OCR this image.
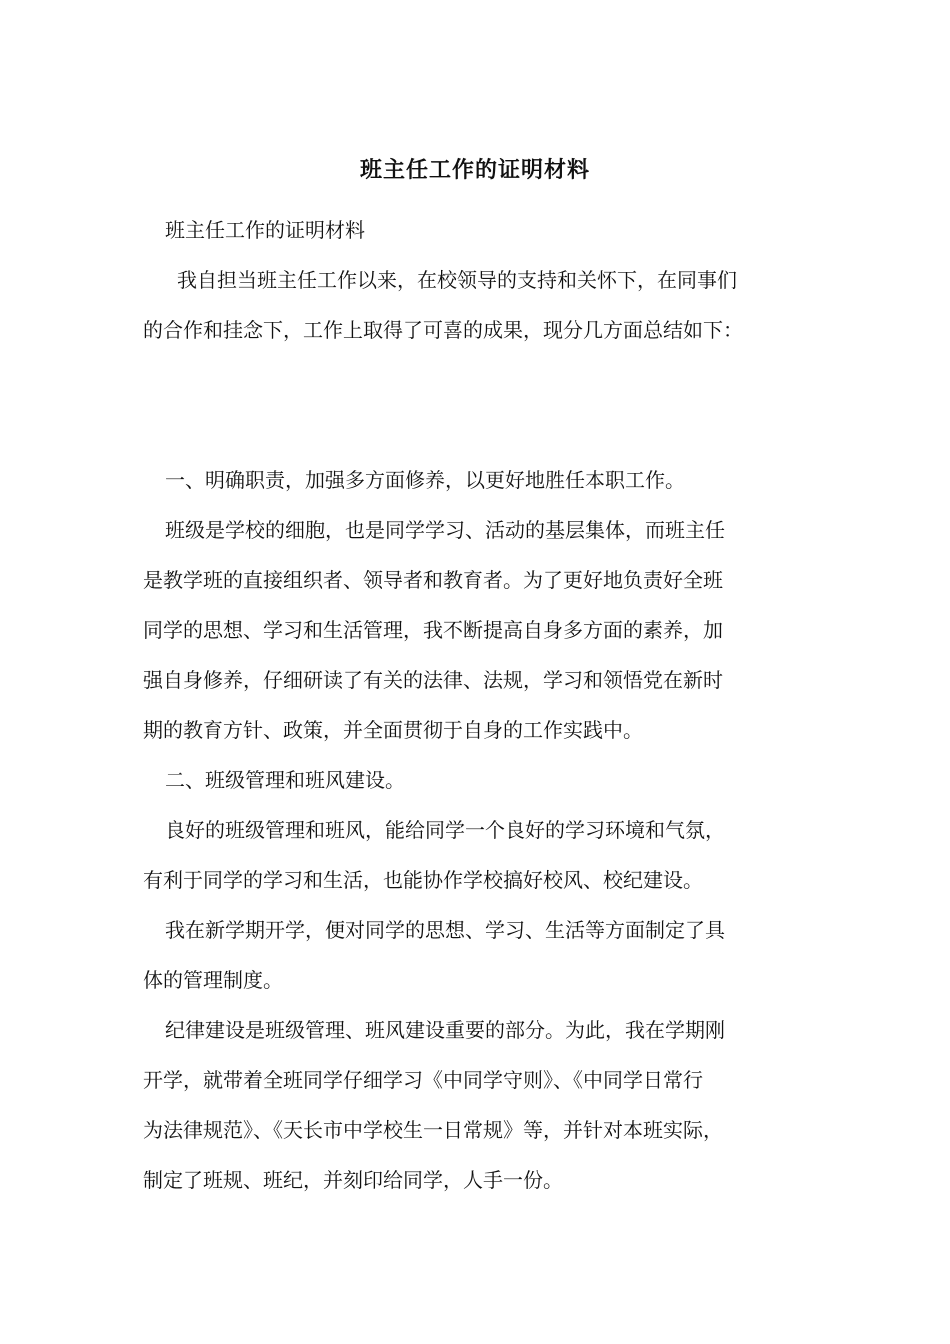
班主任工作的证明材料
班主任工作的证明材料
我自担当班主任工作以来，在校领导的支持和关怀下，在同事们
的合作和挂念下，工作上取得了可喜的成果，现分几方面总结如下：
一、明确职责，加强多方面修养，以更好地胜任本职工作。
班级是学校的细胞，也是同学学习、活动的基层集体，而班主任
是教学班的直接组织者、领导者和教育者。为了更好地负责好全班
同学的思想、学习和生活管理，我不断提高自身多方面的素养，加
强自身修养，仔细研读了有关的法律、法规，学习和领悟党在新时
期的教育方针、政策，并全面贯彻于自身的工作实践中。
二、班级管理和班风建设。
良好的班级管理和班风，能给同学一个良好的学习环境和气氛，
有利于同学的学习和生活，也能协作学校搞好校风、校纪建设。
我在新学期开学，便对同学的思想、学习、生活等方面制定了具
体的管理制度。
纪律建设是班级管理、班风建设重要的部分。为此，我在学期刚
开学，就带着全班同学仔细学习《中同学守则》、《中同学日常行
为法律规范》、《天长市中学校生一日常规》等，并针对本班实际，
制定了班规、班纪，并刻印给同学，人手一份。
